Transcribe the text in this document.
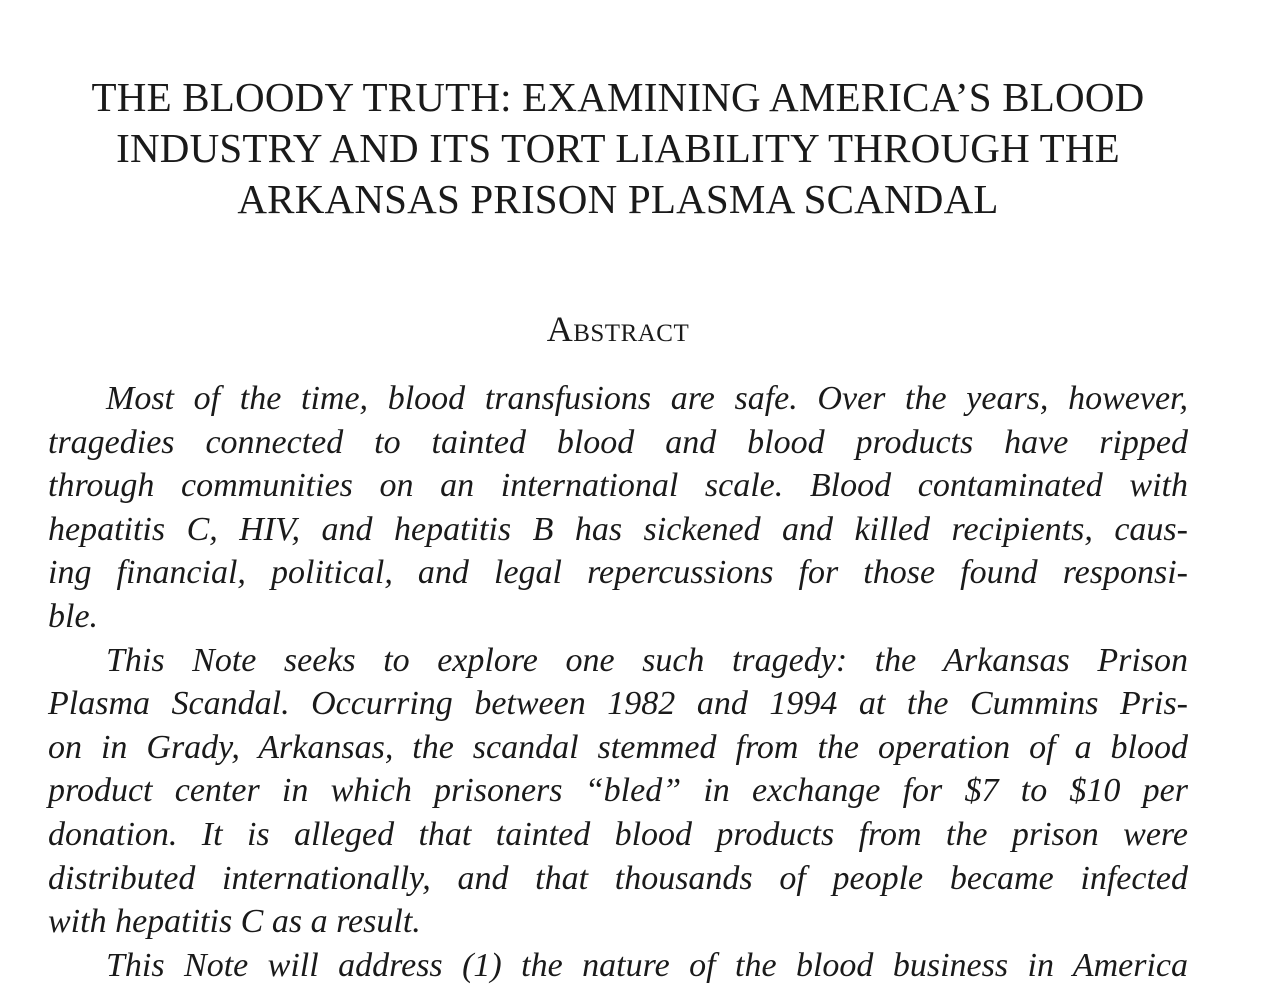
THE BLOODY TRUTH: EXAMINING AMERICA’S BLOOD
INDUSTRY AND ITS TORT LIABILITY THROUGH THE
ARKANSAS PRISON PLASMA SCANDAL
Abstract
Most of the time, blood transfusions are safe. Over the years, however,
tragedies connected to tainted blood and blood products have ripped
through communities on an international scale. Blood contaminated with
hepatitis C, HIV, and hepatitis B has sickened and killed recipients, caus-
ing financial, political, and legal repercussions for those found responsi-
ble.
This Note seeks to explore one such tragedy: the Arkansas Prison
Plasma Scandal. Occurring between 1982 and 1994 at the Cummins Pris-
on in Grady, Arkansas, the scandal stemmed from the operation of a blood
product center in which prisoners “bled” in exchange for $7 to $10 per
donation. It is alleged that tainted blood products from the prison were
distributed internationally, and that thousands of people became infected
with hepatitis C as a result.
This Note will address (1) the nature of the blood business in America
